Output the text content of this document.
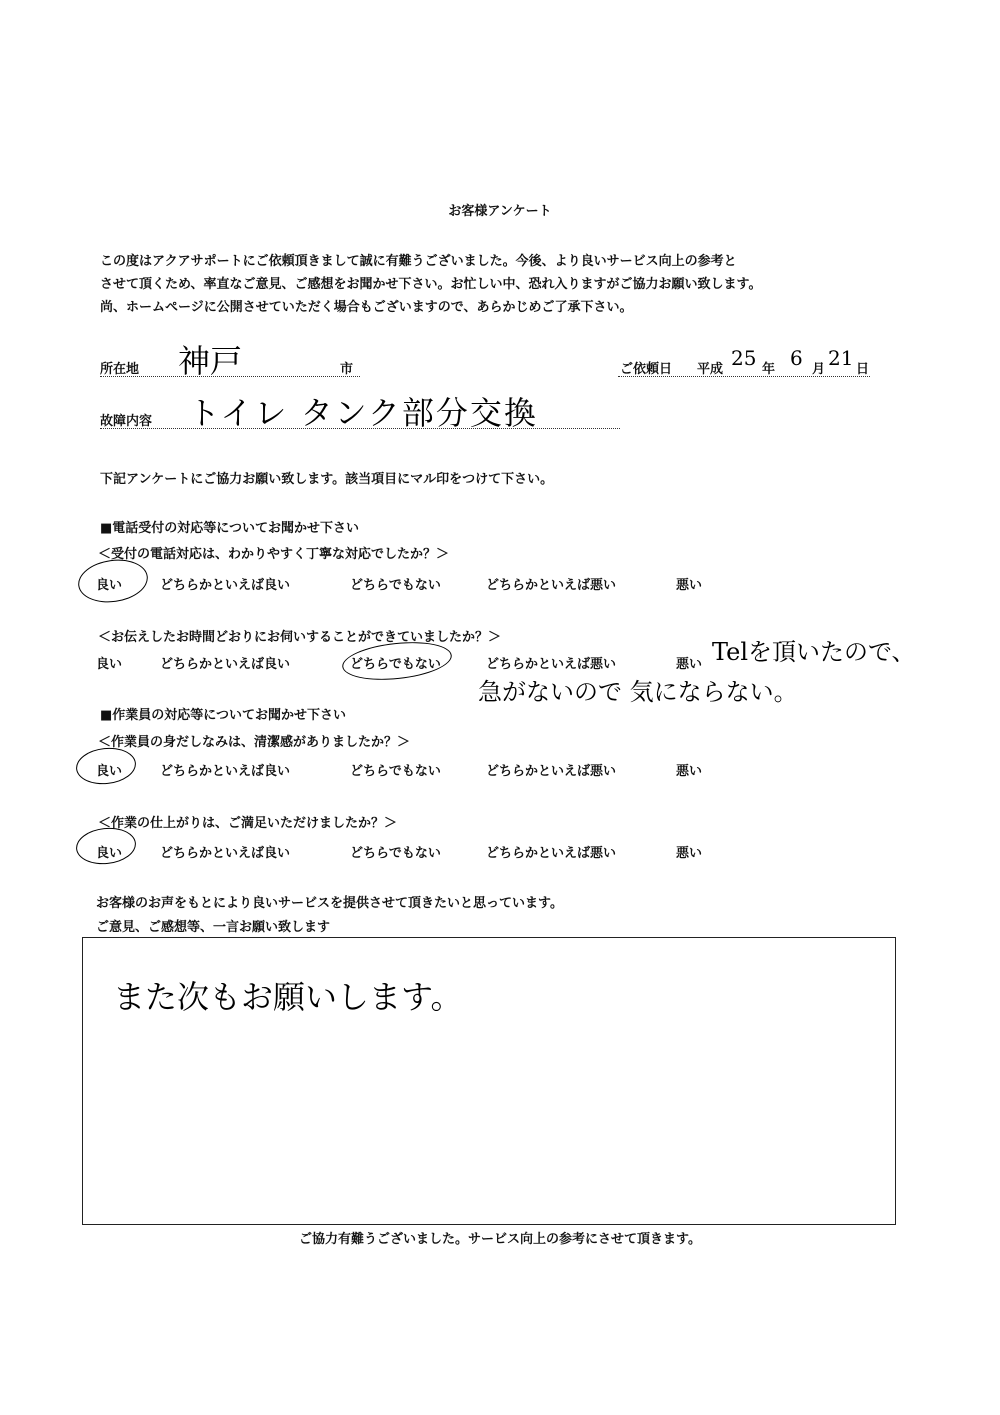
お客様アンケート
この度はアクアサポートにご依頼頂きまして誠に有難うございました。今後、より良いサービス向上の参考と
させて頂くため、率直なご意見、ご感想をお聞かせ下さい。お忙しい中、恐れ入りますがご協力お願い致します。
尚、ホームページに公開させていただく場合もございますので、あらかじめご了承下さい。
所在地 神戸	市	ご依頼日 平成 25 年 6 月 21 日
故障内容 トイレ タンク部分交換
下記アンケートにご協力お願い致します。該当項目にマル印をつけて下さい。
■電話受付の対応等についてお聞かせ下さい
＜受付の電話対応は、わかりやすく丁寧な対応でしたか？＞
良い	どちらかといえば良い	どちらでもない	どちらかといえば悪い	悪い
＜お伝えしたお時間どおりにお伺いすることができていましたか？＞
良い	どちらかといえば良い	どちらでもない	どちらかといえば悪い	悪い Telを頂いたので、
急がないので 気にならない。
■作業員の対応等についてお聞かせ下さい
＜作業員の身だしなみは、清潔感がありましたか？＞
良い	どちらかといえば良い	どちらでもない	どちらかといえば悪い	悪い
＜作業の仕上がりは、ご満足いただけましたか？＞
良い	どちらかといえば良い	どちらでもない	どちらかといえば悪い	悪い
お客様のお声をもとにより良いサービスを提供させて頂きたいと思っています。
ご意見、ご感想等、一言お願い致します
また次もお願いします。
ご協力有難うございました。サービス向上の参考にさせて頂きます。
